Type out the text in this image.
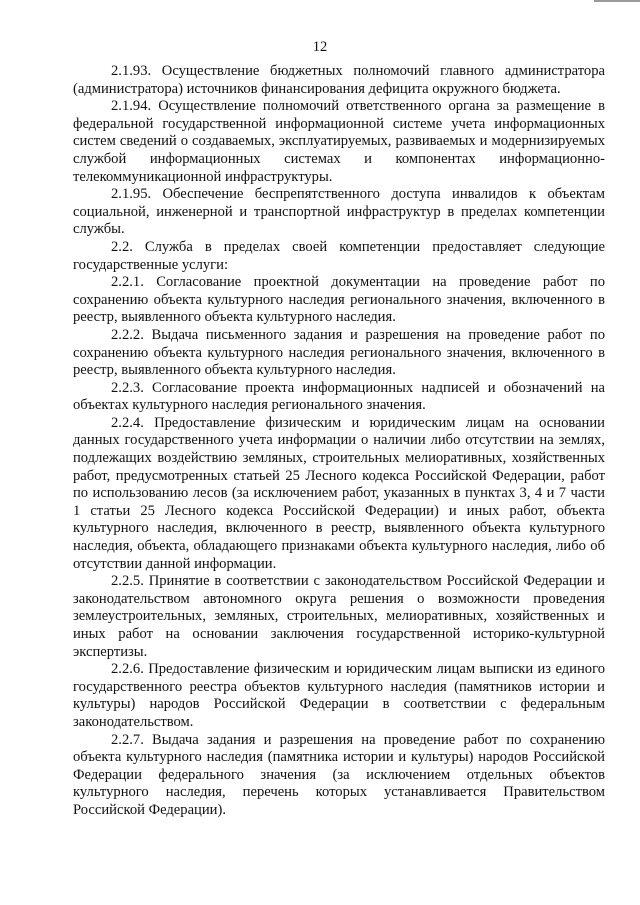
12

2.1.93. Осуществление бюджетных полномочий главного администратора (администратора) источников финансирования дефицита окружного бюджета.

2.1.94. Осуществление полномочий ответственного органа за размещение в федеральной государственной информационной системе учета информационных систем сведений о создаваемых, эксплуатируемых, развиваемых и модернизируемых службой информационных системах и компонентах информационно-телекоммуникационной инфраструктуры.

2.1.95. Обеспечение беспрепятственного доступа инвалидов к объектам социальной, инженерной и транспортной инфраструктур в пределах компетенции службы.

2.2. Служба в пределах своей компетенции предоставляет следующие государственные услуги:

2.2.1. Согласование проектной документации на проведение работ по сохранению объекта культурного наследия регионального значения, включенного в реестр, выявленного объекта культурного наследия.

2.2.2. Выдача письменного задания и разрешения на проведение работ по сохранению объекта культурного наследия регионального значения, включенного в реестр, выявленного объекта культурного наследия.

2.2.3. Согласование проекта информационных надписей и обозначений на объектах культурного наследия регионального значения.

2.2.4. Предоставление физическим и юридическим лицам на основании данных государственного учета информации о наличии либо отсутствии на землях, подлежащих воздействию земляных, строительных мелиоративных, хозяйственных работ, предусмотренных статьей 25 Лесного кодекса Российской Федерации, работ по использованию лесов (за исключением работ, указанных в пунктах 3, 4 и 7 части 1 статьи 25 Лесного кодекса Российской Федерации) и иных работ, объекта культурного наследия, включенного в реестр, выявленного объекта культурного наследия, объекта, обладающего признаками объекта культурного наследия, либо об отсутствии данной информации.

2.2.5. Принятие в соответствии с законодательством Российской Федерации и законодательством автономного округа решения о возможности проведения землеустроительных, земляных, строительных, мелиоративных, хозяйственных и иных работ на основании заключения государственной историко-культурной экспертизы.

2.2.6. Предоставление физическим и юридическим лицам выписки из единого государственного реестра объектов культурного наследия (памятников истории и культуры) народов Российской Федерации в соответствии с федеральным законодательством.

2.2.7. Выдача задания и разрешения на проведение работ по сохранению объекта культурного наследия (памятника истории и культуры) народов Российской Федерации федерального значения (за исключением отдельных объектов культурного наследия, перечень которых устанавливается Правительством Российской Федерации).
